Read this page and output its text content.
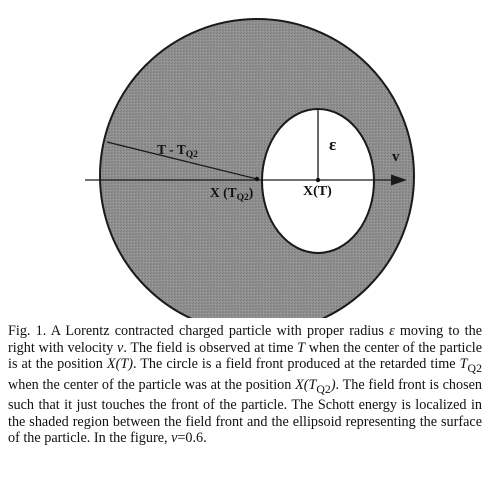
T - $T_{Q2}$
X $(T_{Q2})$	X(T)
ε
v

Fig. 1. A Lorentz contracted charged particle with proper radius ε moving to the right with velocity v. The field is observed at time T when the center of the particle is at the position X(T). The circle is a field front produced at the retarded time $T_{Q2}$ when the center of the particle was at the position $X(T_{Q2})$. The field front is chosen such that it just touches the front of the particle. The Schott energy is localized in the shaded region between the field front and the ellipsoid representing the surface of the particle. In the figure, v=0.6.
